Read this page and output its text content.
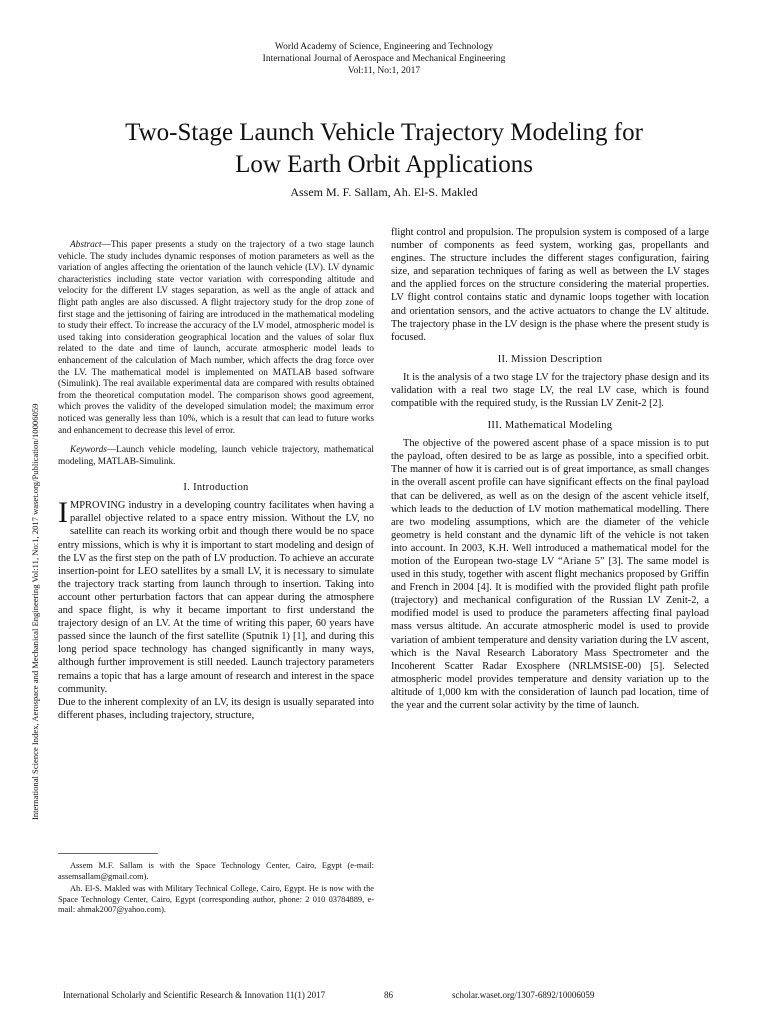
World Academy of Science, Engineering and Technology
International Journal of Aerospace and Mechanical Engineering
Vol:11, No:1, 2017
Two-Stage Launch Vehicle Trajectory Modeling for
Low Earth Orbit Applications
Assem M. F. Sallam, Ah. El-S. Makled
International Science Index, Aerospace and Mechanical Engineering Vol:11, No:1, 2017 waset.org/Publication/10006059

Abstract—This paper presents a study on the trajectory of a two stage launch vehicle. The study includes dynamic responses of motion parameters as well as the variation of angles affecting the orientation of the launch vehicle (LV). LV dynamic characteristics including state vector variation with corresponding altitude and velocity for the different LV stages separation, as well as the angle of attack and flight path angles are also discussed. A flight trajectory study for the drop zone of first stage and the jettisoning of fairing are introduced in the mathematical modeling to study their effect. To increase the accuracy of the LV model, atmospheric model is used taking into consideration geographical location and the values of solar flux related to the date and time of launch, accurate atmospheric model leads to enhancement of the calculation of Mach number, which affects the drag force over the LV. The mathematical model is implemented on MATLAB based software (Simulink). The real available experimental data are compared with results obtained from the theoretical computation model. The comparison shows good agreement, which proves the validity of the developed simulation model; the maximum error noticed was generally less than 10%, which is a result that can lead to future works and enhancement to decrease this level of error.

Keywords—Launch vehicle modeling, launch vehicle trajectory, mathematical modeling, MATLAB-Simulink.

I. Introduction

IMPROVING industry in a developing country facilitates when having a parallel objective related to a space entry mission. Without the LV, no satellite can reach its working orbit and though there would be no space entry missions, which is why it is important to start modeling and design of the LV as the first step on the path of LV production. To achieve an accurate insertion-point for LEO satellites by a small LV, it is necessary to simulate the trajectory track starting from launch through to insertion. Taking into account other perturbation factors that can appear during the atmosphere and space flight, is why it became important to first understand the trajectory design of an LV. At the time of writing this paper, 60 years have passed since the launch of the first satellite (Sputnik 1) [1], and during this long period space technology has changed significantly in many ways, although further improvement is still needed. Launch trajectory parameters remains a topic that has a large amount of research and interest in the space community.

Due to the inherent complexity of an LV, its design is usually separated into different phases, including trajectory, structure,

flight control and propulsion. The propulsion system is composed of a large number of components as feed system, working gas, propellants and engines. The structure includes the different stages configuration, fairing size, and separation techniques of faring as well as between the LV stages and the applied forces on the structure considering the material properties. LV flight control contains static and dynamic loops together with location and orientation sensors, and the active actuators to change the LV altitude. The trajectory phase in the LV design is the phase where the present study is focused.

II. Mission Description

It is the analysis of a two stage LV for the trajectory phase design and its validation with a real two stage LV, the real LV case, which is found compatible with the required study, is the Russian LV Zenit-2 [2].

III. Mathematical Modeling

The objective of the powered ascent phase of a space mission is to put the payload, often desired to be as large as possible, into a specified orbit. The manner of how it is carried out is of great importance, as small changes in the overall ascent profile can have significant effects on the final payload that can be delivered, as well as on the design of the ascent vehicle itself, which leads to the deduction of LV motion mathematical modelling. There are two modeling assumptions, which are the diameter of the vehicle geometry is held constant and the dynamic lift of the vehicle is not taken into account. In 2003, K.H. Well introduced a mathematical model for the motion of the European two-stage LV “Ariane 5” [3]. The same model is used in this study, together with ascent flight mechanics proposed by Griffin and French in 2004 [4]. It is modified with the provided flight path profile (trajectory) and mechanical configuration of the Russian LV Zenit-2, a modified model is used to produce the parameters affecting final payload mass versus altitude. An accurate atmospheric model is used to provide variation of ambient temperature and density variation during the LV ascent, which is the Naval Research Laboratory Mass Spectrometer and the Incoherent Scatter Radar Exosphere (NRLMSISE-00) [5]. Selected atmospheric model provides temperature and density variation up to the altitude of 1,000 km with the consideration of launch pad location, time of the year and the current solar activity by the time of launch.

Assem M.F. Sallam is with the Space Technology Center, Cairo, Egypt (e-mail: assemsallam@gmail.com).

Ah. El-S. Makled was with Military Technical College, Cairo, Egypt. He is now with the Space Technology Center, Cairo, Egypt (corresponding author, phone: 2 010 03784889, e-mail: ahmak2007@yahoo.com).

International Scholarly and Scientific Research & Innovation 11(1) 2017	86	scholar.waset.org/1307-6892/10006059
